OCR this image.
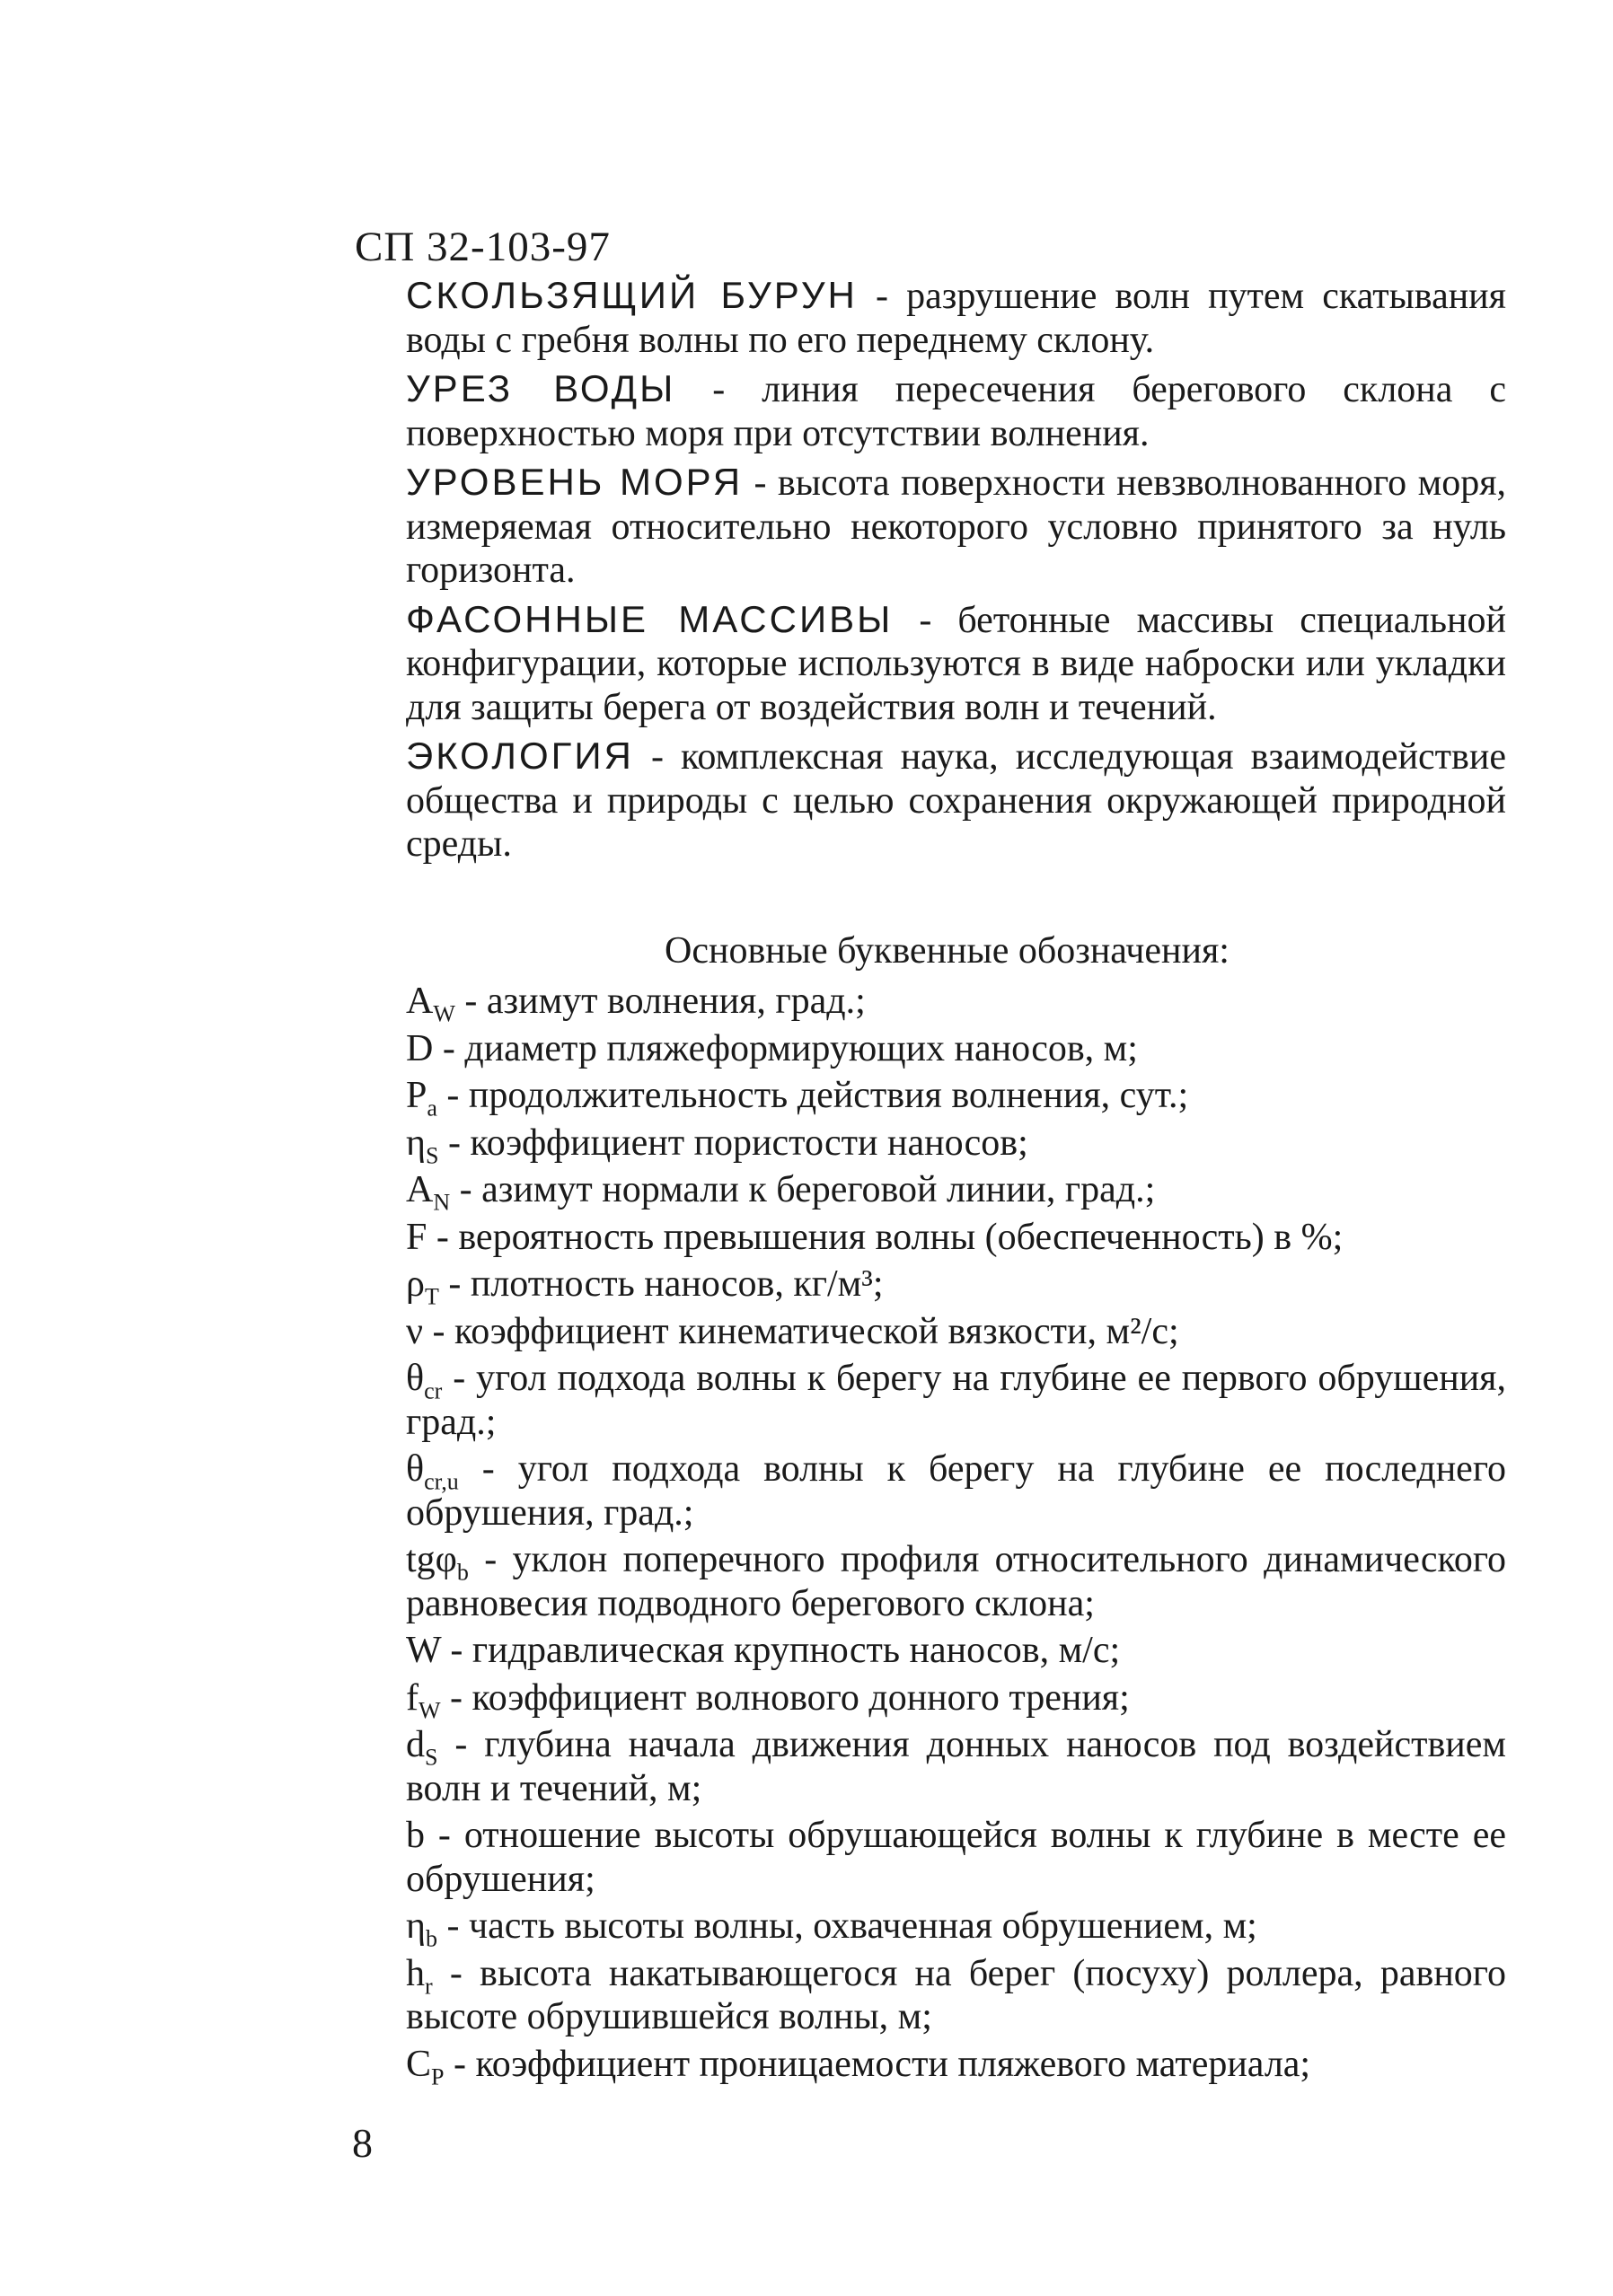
СП 32-103-97

СКОЛЬЗЯЩИЙ БУРУН - разрушение волн путем скатывания воды с гребня волны по его переднему склону.

УРЕЗ ВОДЫ - линия пересечения берегового склона с поверхностью моря при отсутствии волнения.

УРОВЕНЬ МОРЯ - высота поверхности невзволнованного моря, измеряемая относительно некоторого условно принятого за нуль горизонта.

ФАСОННЫЕ МАССИВЫ - бетонные массивы специальной конфигурации, которые используются в виде наброски или укладки для защиты берега от воздействия волн и течений.

ЭКОЛОГИЯ - комплексная наука, исследующая взаимодействие общества и природы с целью сохранения окружающей природной среды.

Основные буквенные обозначения:

$A_W$ - азимут волнения, град.;

D - диаметр пляжеформирующих наносов, м;

$P_a$ - продолжительность действия волнения, сут.;

$\eta_S$ - коэффициент пористости наносов;

$A_N$ - азимут нормали к береговой линии, град.;

F - вероятность превышения волны (обеспеченность) в %;

$\rho_T$ - плотность наносов, кг/м³;

ν - коэффициент кинематической вязкости, м²/с;

$\theta_{cr}$ - угол подхода волны к берегу на глубине ее первого обрушения, град.;

$\theta_{cr,u}$ - угол подхода волны к берегу на глубине ее последнего обрушения, град.;

tgφ$_b$ - уклон поперечного профиля относительного динамического равновесия подводного берегового склона;

W - гидравлическая крупность наносов, м/с;

$f_W$ - коэффициент волнового донного трения;

$d_S$ - глубина начала движения донных наносов под воздействием волн и течений, м;

b - отношение высоты обрушающейся волны к глубине в месте ее обрушения;

$\eta_b$ - часть высоты волны, охваченная обрушением, м;

$h_r$ - высота накатывающегося на берег (посуху) роллера, равного высоте обрушившейся волны, м;

$C_P$ - коэффициент проницаемости пляжевого материала;

8
